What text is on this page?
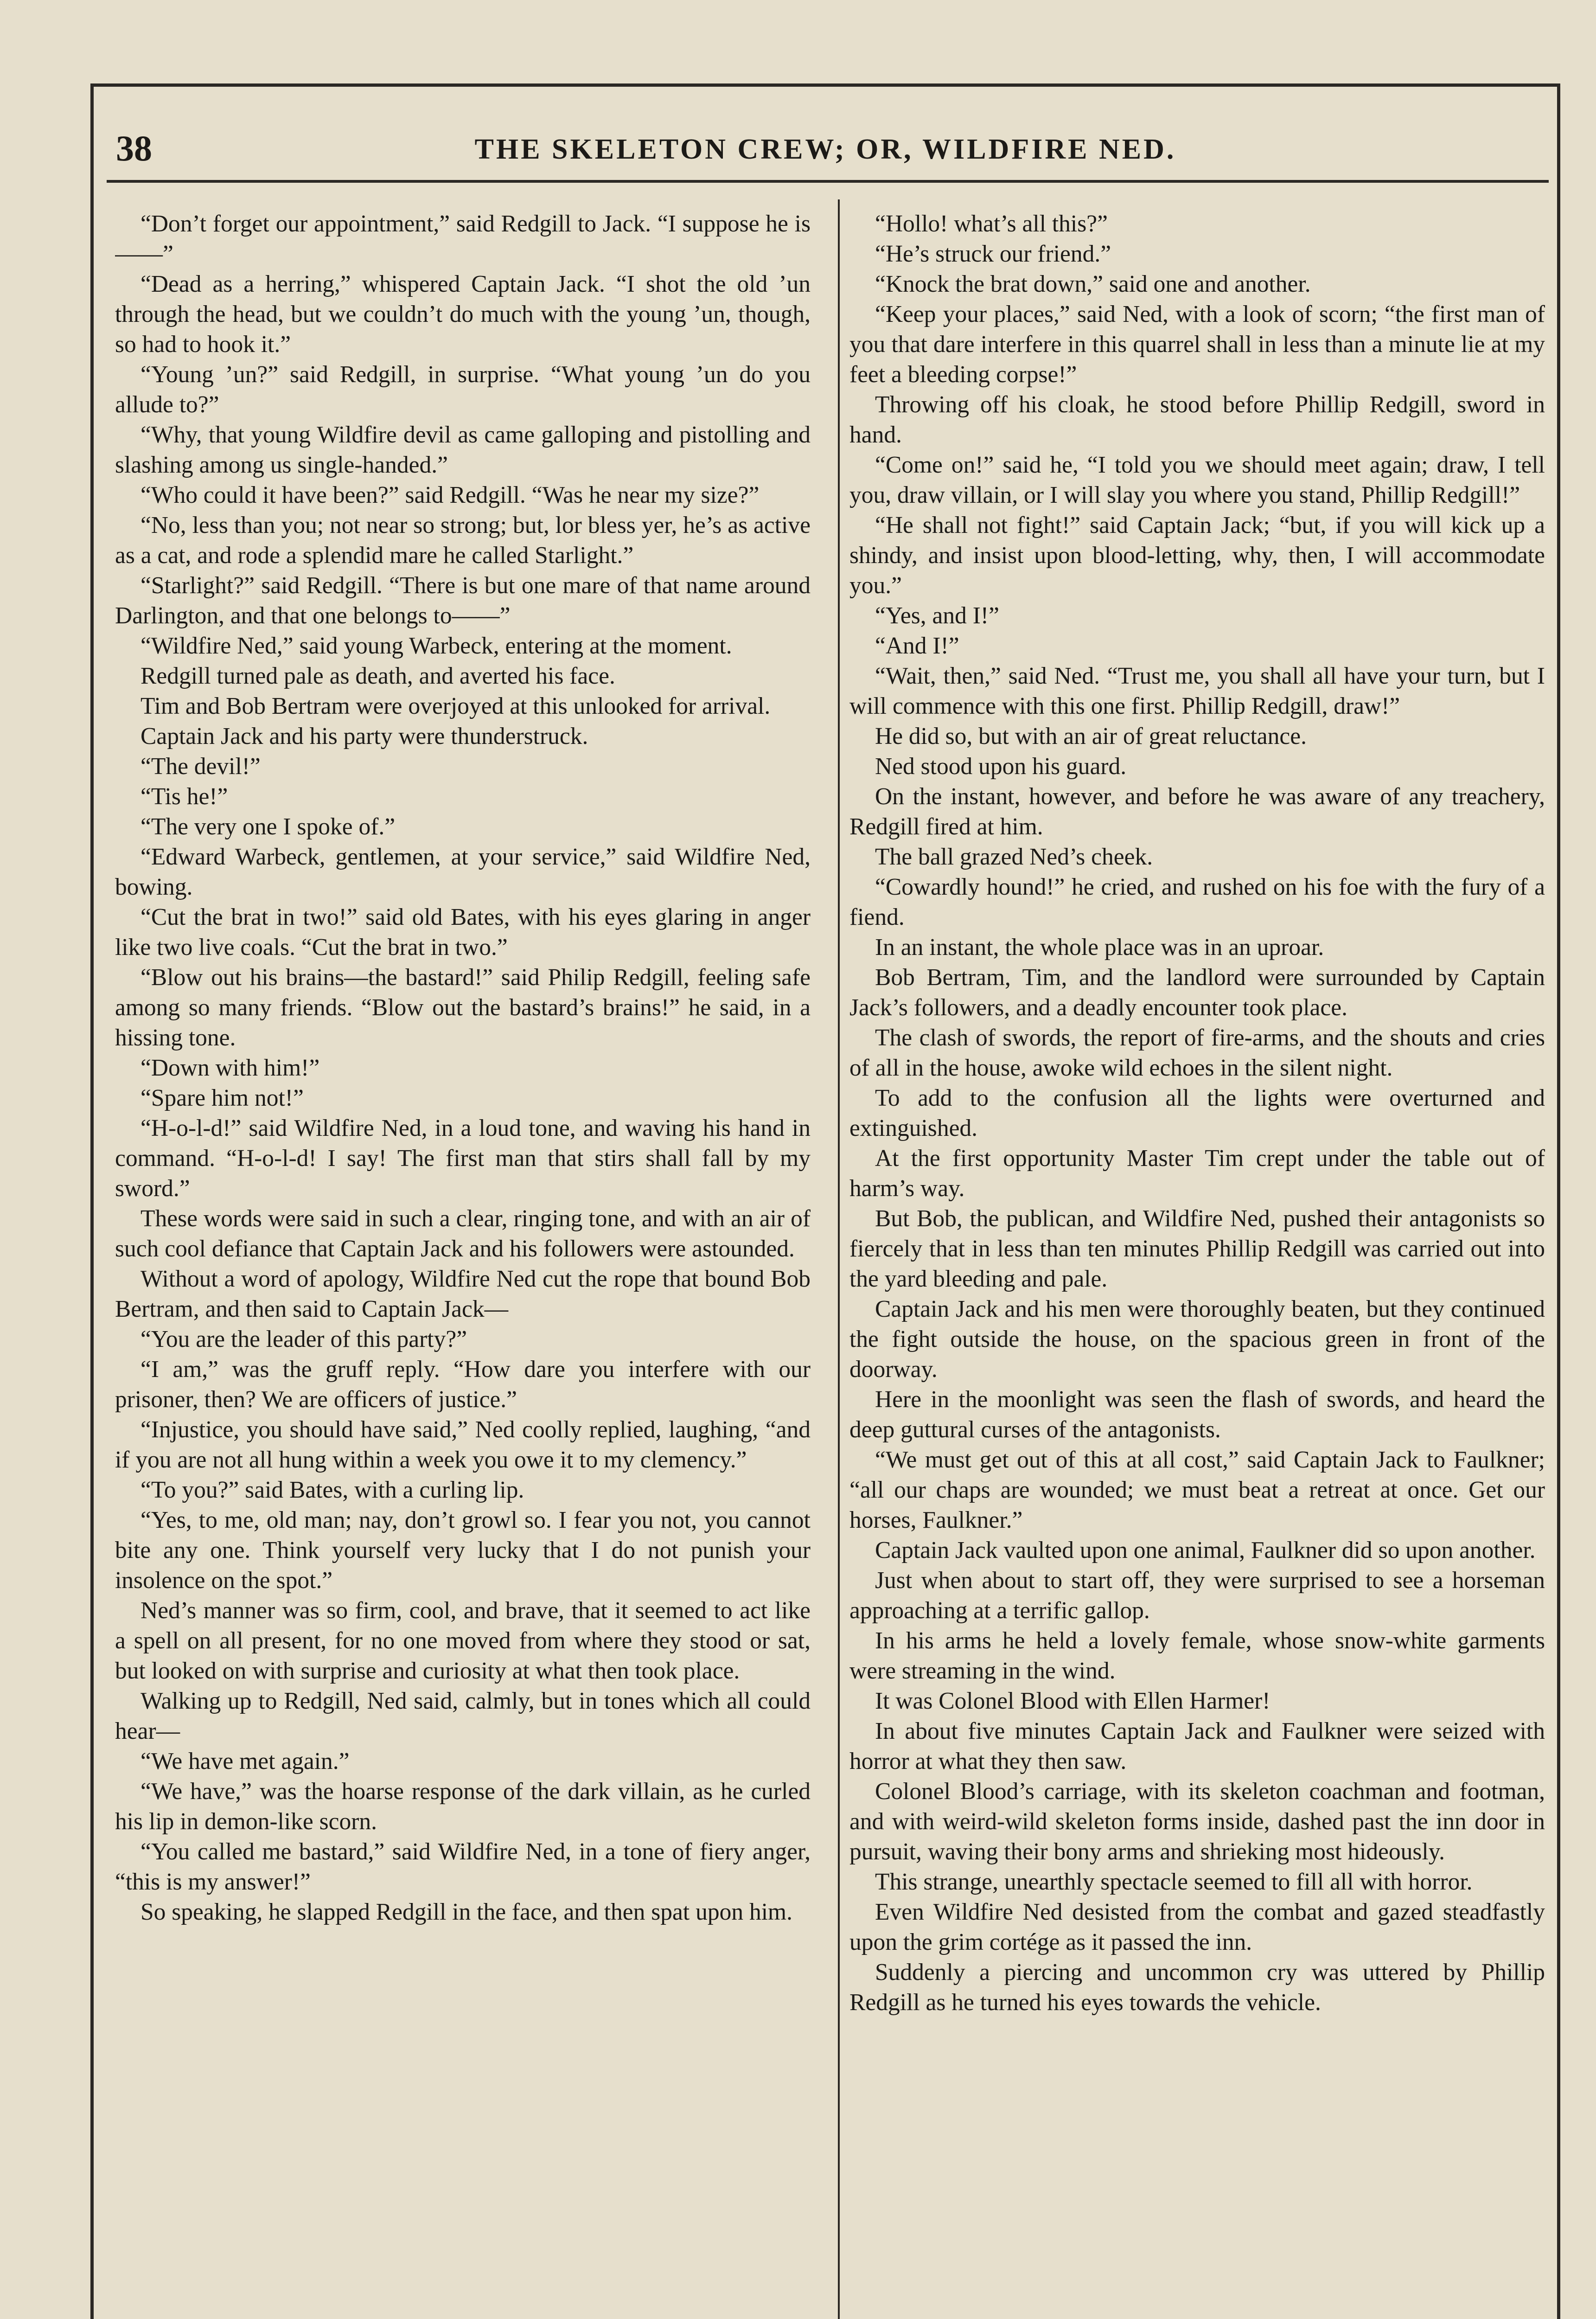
38	THE SKELETON CREW; OR, WILDFIRE NED.

“Don’t forget our appointment,” said Redgill to Jack. “I suppose he is——”

“Dead as a herring,” whispered Captain Jack. “I shot the old ’un through the head, but we couldn’t do much with the young ’un, though, so had to hook it.”

“Young ’un?” said Redgill, in surprise. “What young ’un do you allude to?”

“Why, that young Wildfire devil as came galloping and pistolling and slashing among us single-handed.”

“Who could it have been?” said Redgill. “Was he near my size?”

“No, less than you; not near so strong; but, lor bless yer, he’s as active as a cat, and rode a splendid mare he called Starlight.”

“Starlight?” said Redgill. “There is but one mare of that name around Darlington, and that one belongs to——”

“Wildfire Ned,” said young Warbeck, entering at the moment.

Redgill turned pale as death, and averted his face.

Tim and Bob Bertram were overjoyed at this unlooked for arrival.

Captain Jack and his party were thunderstruck.

“The devil!”

“Tis he!”

“The very one I spoke of.”

“Edward Warbeck, gentlemen, at your service,” said Wildfire Ned, bowing.

“Cut the brat in two!” said old Bates, with his eyes glaring in anger like two live coals. “Cut the brat in two.”

“Blow out his brains—the bastard!” said Philip Redgill, feeling safe among so many friends. “Blow out the bastard’s brains!” he said, in a hissing tone.

“Down with him!”

“Spare him not!”

“H-o-l-d!” said Wildfire Ned, in a loud tone, and waving his hand in command. “H-o-l-d! I say! The first man that stirs shall fall by my sword.”

These words were said in such a clear, ringing tone, and with an air of such cool defiance that Captain Jack and his followers were astounded.

Without a word of apology, Wildfire Ned cut the rope that bound Bob Bertram, and then said to Captain Jack—

“You are the leader of this party?”

“I am,” was the gruff reply. “How dare you interfere with our prisoner, then? We are officers of justice.”

“Injustice, you should have said,” Ned coolly replied, laughing, “and if you are not all hung within a week you owe it to my clemency.”

“To you?” said Bates, with a curling lip.

“Yes, to me, old man; nay, don’t growl so. I fear you not, you cannot bite any one. Think yourself very lucky that I do not punish your insolence on the spot.”

Ned’s manner was so firm, cool, and brave, that it seemed to act like a spell on all present, for no one moved from where they stood or sat, but looked on with surprise and curiosity at what then took place.

Walking up to Redgill, Ned said, calmly, but in tones which all could hear—

“We have met again.”

“We have,” was the hoarse response of the dark villain, as he curled his lip in demon-like scorn.

“You called me bastard,” said Wildfire Ned, in a tone of fiery anger, “this is my answer!”

So speaking, he slapped Redgill in the face, and then spat upon him.

“Hollo! what’s all this?”

“He’s struck our friend.”

“Knock the brat down,” said one and another.

“Keep your places,” said Ned, with a look of scorn; “the first man of you that dare interfere in this quarrel shall in less than a minute lie at my feet a bleeding corpse!”

Throwing off his cloak, he stood before Phillip Redgill, sword in hand.

“Come on!” said he, “I told you we should meet again; draw, I tell you, draw villain, or I will slay you where you stand, Phillip Redgill!”

“He shall not fight!” said Captain Jack; “but, if you will kick up a shindy, and insist upon blood-letting, why, then, I will accommodate you.”

“Yes, and I!”

“And I!”

“Wait, then,” said Ned. “Trust me, you shall all have your turn, but I will commence with this one first. Phillip Redgill, draw!”

He did so, but with an air of great reluctance.

Ned stood upon his guard.

On the instant, however, and before he was aware of any treachery, Redgill fired at him.

The ball grazed Ned’s cheek.

“Cowardly hound!” he cried, and rushed on his foe with the fury of a fiend.

In an instant, the whole place was in an uproar.

Bob Bertram, Tim, and the landlord were surrounded by Captain Jack’s followers, and a deadly encounter took place.

The clash of swords, the report of fire-arms, and the shouts and cries of all in the house, awoke wild echoes in the silent night.

To add to the confusion all the lights were overturned and extinguished.

At the first opportunity Master Tim crept under the table out of harm’s way.

But Bob, the publican, and Wildfire Ned, pushed their antagonists so fiercely that in less than ten minutes Phillip Redgill was carried out into the yard bleeding and pale.

Captain Jack and his men were thoroughly beaten, but they continued the fight outside the house, on the spacious green in front of the doorway.

Here in the moonlight was seen the flash of swords, and heard the deep guttural curses of the antagonists.

“We must get out of this at all cost,” said Captain Jack to Faulkner; “all our chaps are wounded; we must beat a retreat at once. Get our horses, Faulkner.”

Captain Jack vaulted upon one animal, Faulkner did so upon another.

Just when about to start off, they were surprised to see a horseman approaching at a terrific gallop.

In his arms he held a lovely female, whose snow-white garments were streaming in the wind.

It was Colonel Blood with Ellen Harmer!

In about five minutes Captain Jack and Faulkner were seized with horror at what they then saw.

Colonel Blood’s carriage, with its skeleton coachman and footman, and with weird-wild skeleton forms inside, dashed past the inn door in pursuit, waving their bony arms and shrieking most hideously.

This strange, unearthly spectacle seemed to fill all with horror.

Even Wildfire Ned desisted from the combat and gazed steadfastly upon the grim cortége as it passed the inn.

Suddenly a piercing and uncommon cry was uttered by Phillip Redgill as he turned his eyes towards the vehicle.
